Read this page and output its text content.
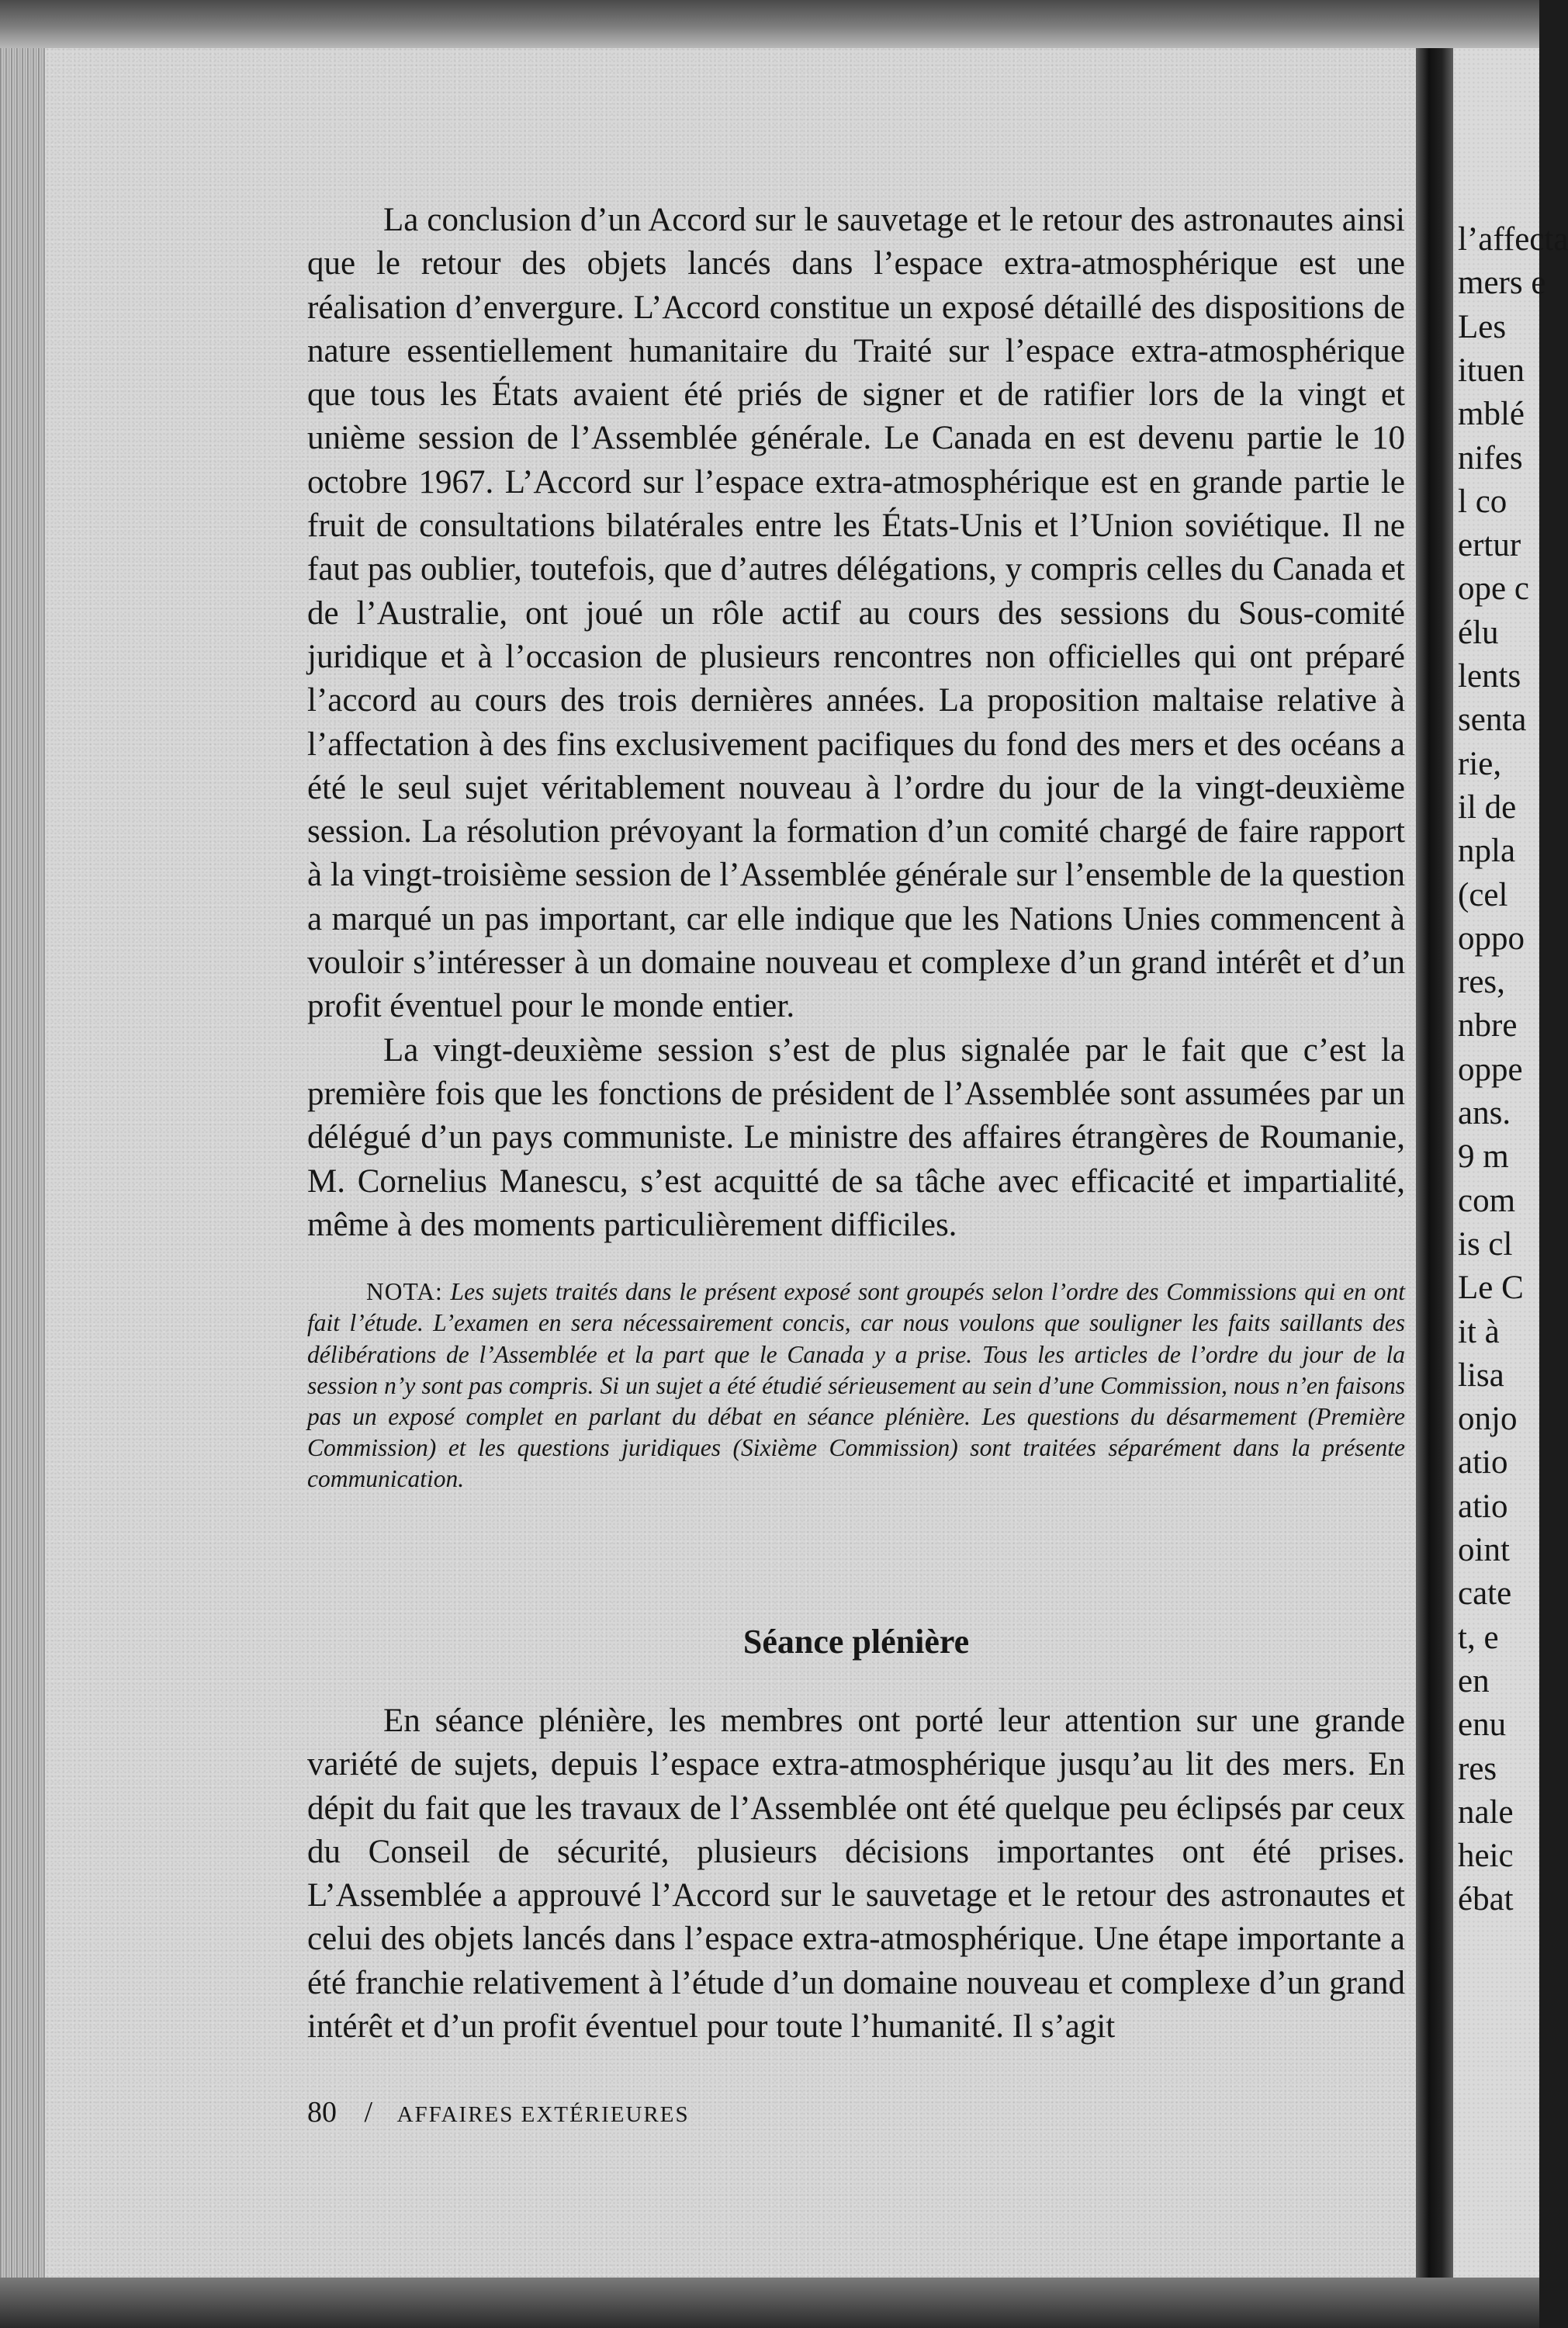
l’affecta
mers e
Les
ituen
mblé
nifes
l co
ertur
ope c
élu
lents
senta
rie,
il de
npla
(cel
oppo
res,
nbre
oppe
ans.
9 m
com
is cl
Le C
it à
lisa
onjo
atio
atio
oint
cate
t, e
en
enu
res
nale
heic
ébat

La conclusion d’un Accord sur le sauvetage et le retour des astronautes ainsi que le retour des objets lancés dans l’espace extra-atmosphérique est une réalisation d’envergure. L’Accord constitue un exposé détaillé des dispositions de nature essentiellement humanitaire du Traité sur l’espace extra-atmosphérique que tous les États avaient été priés de signer et de ratifier lors de la vingt et unième session de l’Assemblée générale. Le Canada en est devenu partie le 10 octobre 1967. L’Accord sur l’espace extra-atmosphérique est en grande partie le fruit de consultations bilatérales entre les États-Unis et l’Union soviétique. Il ne faut pas oublier, toutefois, que d’autres délégations, y compris celles du Canada et de l’Australie, ont joué un rôle actif au cours des sessions du Sous-comité juridique et à l’occasion de plusieurs rencontres non officielles qui ont préparé l’accord au cours des trois dernières années. La proposition maltaise relative à l’affectation à des fins exclusivement pacifiques du fond des mers et des océans a été le seul sujet véritablement nouveau à l’ordre du jour de la vingt-deuxième session. La résolution prévoyant la formation d’un comité chargé de faire rapport à la vingt-troisième session de l’Assemblée générale sur l’ensemble de la question a marqué un pas important, car elle indique que les Nations Unies commencent à vouloir s’intéresser à un domaine nouveau et complexe d’un grand intérêt et d’un profit éventuel pour le monde entier.

La vingt-deuxième session s’est de plus signalée par le fait que c’est la première fois que les fonctions de président de l’Assemblée sont assumées par un délégué d’un pays communiste. Le ministre des affaires étrangères de Roumanie, M. Cornelius Manescu, s’est acquitté de sa tâche avec efficacité et impartialité, même à des moments particulièrement difficiles.

NOTA: Les sujets traités dans le présent exposé sont groupés selon l’ordre des Commissions qui en ont fait l’étude. L’examen en sera nécessairement concis, car nous voulons que souligner les faits saillants des délibérations de l’Assemblée et la part que le Canada y a prise. Tous les articles de l’ordre du jour de la session n’y sont pas compris. Si un sujet a été étudié sérieusement au sein d’une Commission, nous n’en faisons pas un exposé complet en parlant du débat en séance plénière. Les questions du désarmement (Première Commission) et les questions juridiques (Sixième Commission) sont traitées séparément dans la présente communication.

Séance plénière

En séance plénière, les membres ont porté leur attention sur une grande variété de sujets, depuis l’espace extra-atmosphérique jusqu’au lit des mers. En dépit du fait que les travaux de l’Assemblée ont été quelque peu éclipsés par ceux du Conseil de sécurité, plusieurs décisions importantes ont été prises. L’Assemblée a approuvé l’Accord sur le sauvetage et le retour des astronautes et celui des objets lancés dans l’espace extra-atmosphérique. Une étape importante a été franchie relativement à l’étude d’un domaine nouveau et complexe d’un grand intérêt et d’un profit éventuel pour toute l’humanité. Il s’agit

80 / AFFAIRES EXTÉRIEURES
